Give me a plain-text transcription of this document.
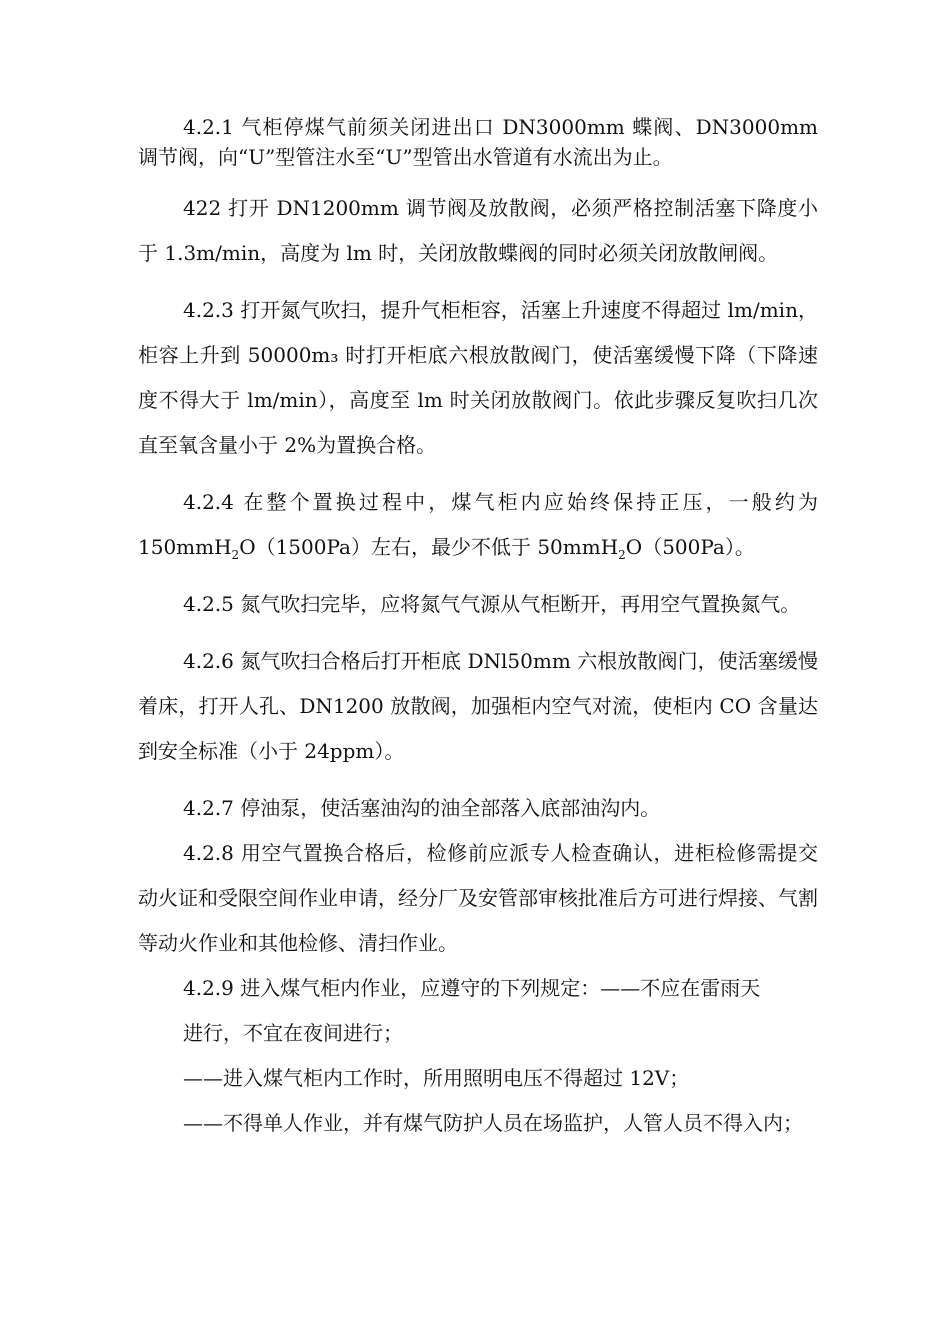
4.2.1 气柜停煤气前须关闭进出口 DN3000mm 蝶阀、DN3000mm 调节阀，向“U”型管注水至“U”型管出水管道有水流出为止。

422 打开 DN1200mm 调节阀及放散阀，必须严格控制活塞下降度小于 1.3m/min，高度为 lm 时，关闭放散蝶阀的同时必须关闭放散闸阀。

4.2.3 打开氮气吹扫，提升气柜柜容，活塞上升速度不得超过 lm/min，柜容上升到 50000m₃ 时打开柜底六根放散阀门，使活塞缓慢下降（下降速度不得大于 lm/min），高度至 lm 时关闭放散阀门。依此步骤反复吹扫几次直至氧含量小于 2%为置换合格。

4.2.4 在整个置换过程中，煤气柜内应始终保持正压，一般约为 150mmH$_2$O（1500Pa）左右，最少不低于 50mmH$_2$O（500Pa）。

4.2.5 氮气吹扫完毕，应将氮气气源从气柜断开，再用空气置换氮气。

4.2.6 氮气吹扫合格后打开柜底 DNl50mm 六根放散阀门，使活塞缓慢着床，打开人孔、DN1200 放散阀，加强柜内空气对流，使柜内 CO 含量达到安全标准（小于 24ppm）。

4.2.7 停油泵，使活塞油沟的油全部落入底部油沟内。

4.2.8 用空气置换合格后，检修前应派专人检查确认，进柜检修需提交动火证和受限空间作业申请，经分厂及安管部审核批准后方可进行焊接、气割等动火作业和其他检修、清扫作业。

4.2.9 进入煤气柜内作业，应遵守的下列规定：——不应在雷雨天

进行，不宜在夜间进行；

——进入煤气柜内工作时，所用照明电压不得超过 12V；

——不得单人作业，并有煤气防护人员在场监护，人管人员不得入内；
